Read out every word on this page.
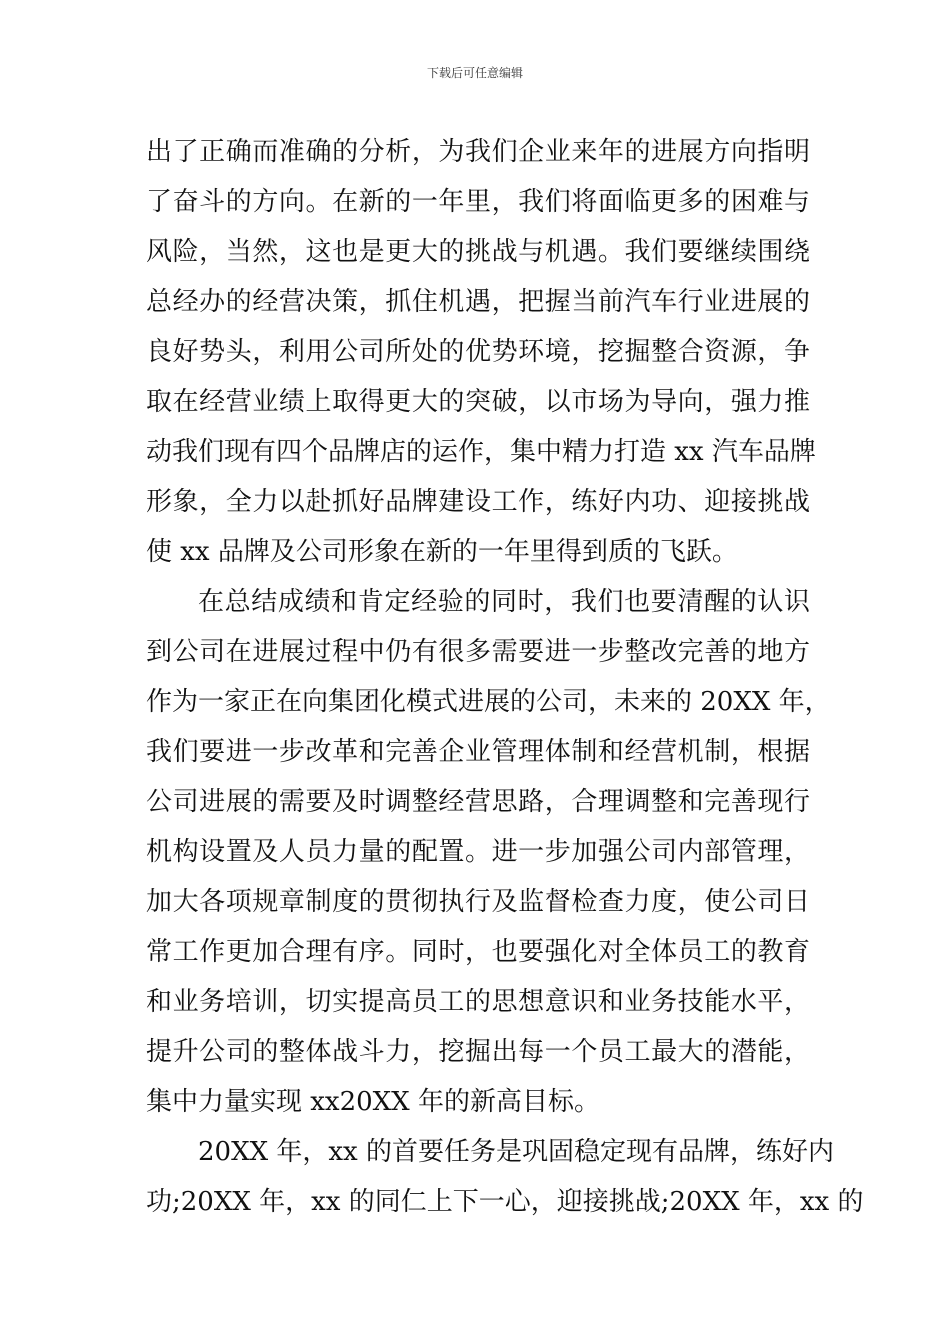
下载后可任意编辑
出了正确而准确的分析，为我们企业来年的进展方向指明
了奋斗的方向。在新的一年里，我们将面临更多的困难与
风险，当然，这也是更大的挑战与机遇。我们要继续围绕
总经办的经营决策，抓住机遇，把握当前汽车行业进展的
良好势头，利用公司所处的优势环境，挖掘整合资源，争
取在经营业绩上取得更大的突破，以市场为导向，强力推
动我们现有四个品牌店的运作，集中精力打造 xx 汽车品牌
形象，全力以赴抓好品牌建设工作，练好内功、迎接挑战
使 xx 品牌及公司形象在新的一年里得到质的飞跃。
在总结成绩和肯定经验的同时，我们也要清醒的认识
到公司在进展过程中仍有很多需要进一步整改完善的地方
作为一家正在向集团化模式进展的公司，未来的 20XX 年，
我们要进一步改革和完善企业管理体制和经营机制，根据
公司进展的需要及时调整经营思路，合理调整和完善现行
机构设置及人员力量的配置。进一步加强公司内部管理，
加大各项规章制度的贯彻执行及监督检查力度，使公司日
常工作更加合理有序。同时，也要强化对全体员工的教育
和业务培训，切实提高员工的思想意识和业务技能水平，
提升公司的整体战斗力，挖掘出每一个员工最大的潜能，
集中力量实现 xx20XX 年的新高目标。
20XX 年，xx 的首要任务是巩固稳定现有品牌，练好内
功;20XX 年，xx 的同仁上下一心，迎接挑战;20XX 年，xx 的
